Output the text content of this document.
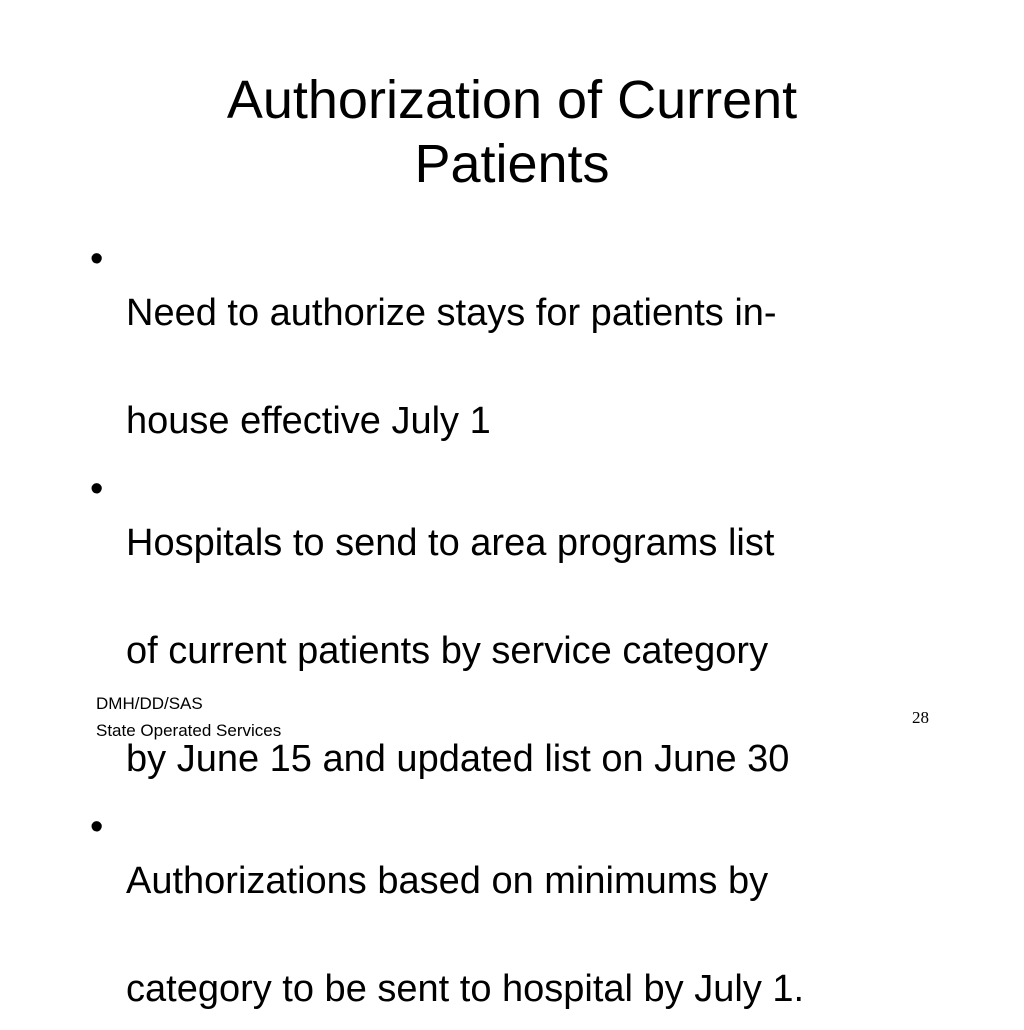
Authorization of Current
Patients
•

Need to authorize stays for patients in-

house effective July 1

•

Hospitals to send to area programs list

of current patients by service category

by June 15 and updated list on June 30

•

Authorizations based on minimums by

category to be sent to hospital by July 1.

DMH/DD/SAS
State Operated Services
28
